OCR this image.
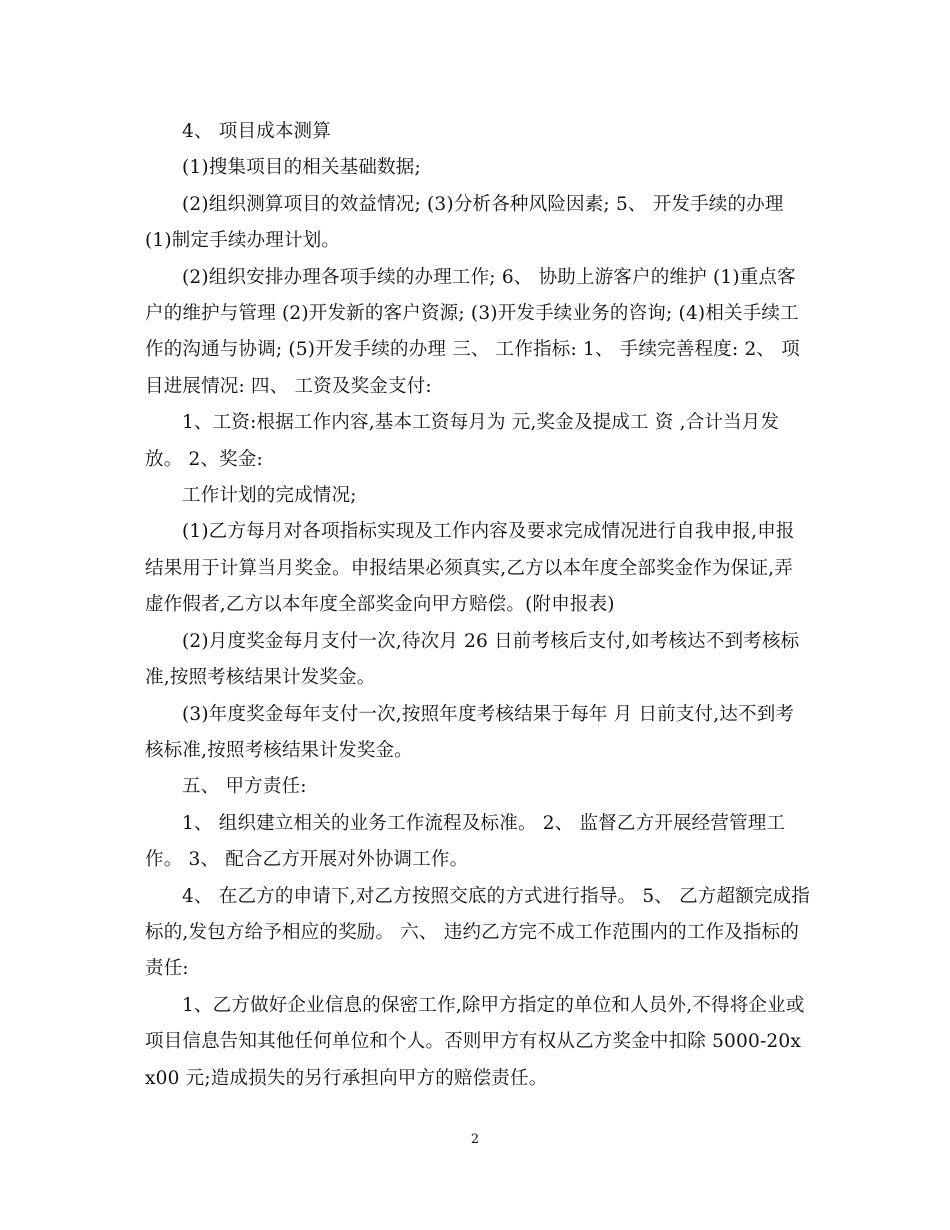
4、 项目成本测算

(1)搜集项目的相关基础数据;

(2)组织测算项目的效益情况; (3)分析各种风险因素; 5、 开发手续的办理 (1)制定手续办理计划。

(2)组织安排办理各项手续的办理工作; 6、 协助上游客户的维护 (1)重点客户的维护与管理 (2)开发新的客户资源; (3)开发手续业务的咨询; (4)相关手续工作的沟通与协调; (5)开发手续的办理 三、 工作指标: 1、 手续完善程度: 2、 项目进展情况: 四、 工资及奖金支付:

1、工资:根据工作内容,基本工资每月为 元,奖金及提成工 资 ,合计当月发放。 2、奖金:

工作计划的完成情况;

(1)乙方每月对各项指标实现及工作内容及要求完成情况进行自我申报,申报结果用于计算当月奖金。申报结果必须真实,乙方以本年度全部奖金作为保证,弄虚作假者,乙方以本年度全部奖金向甲方赔偿。(附申报表)

(2)月度奖金每月支付一次,待次月 26 日前考核后支付,如考核达不到考核标准,按照考核结果计发奖金。

(3)年度奖金每年支付一次,按照年度考核结果于每年 月 日前支付,达不到考核标准,按照考核结果计发奖金。

五、 甲方责任:

1、 组织建立相关的业务工作流程及标准。 2、 监督乙方开展经营管理工作。 3、 配合乙方开展对外协调工作。

4、 在乙方的申请下,对乙方按照交底的方式进行指导。 5、 乙方超额完成指标的,发包方给予相应的奖励。 六、 违约乙方完不成工作范围内的工作及指标的责任:

1、乙方做好企业信息的保密工作,除甲方指定的单位和人员外,不得将企业或项目信息告知其他任何单位和个人。否则甲方有权从乙方奖金中扣除 5000-20xx00 元;造成损失的另行承担向甲方的赔偿责任。

2
